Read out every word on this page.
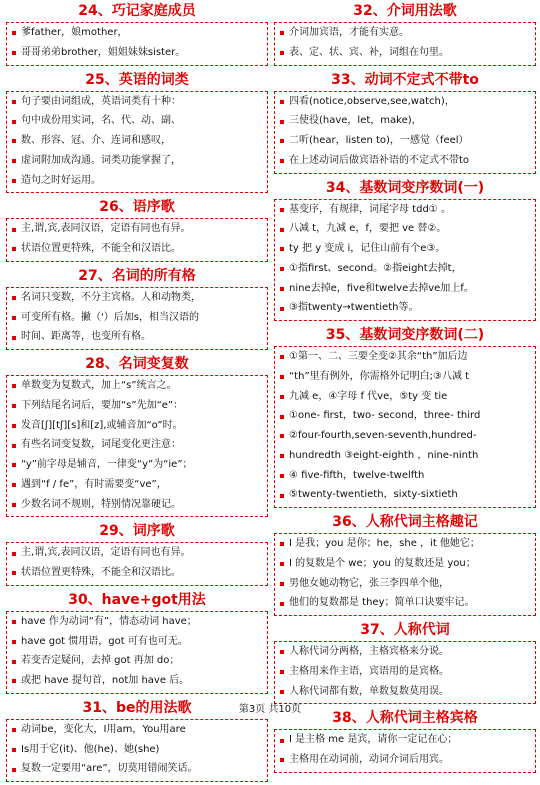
24、巧记家庭成员
爹father，娘mother，
哥哥弟弟brother，姐姐妹妹sister。
25、英语的词类
句子要由词组成，英语词类有十种：
句中成份用实词，名、代、动、副、
数、形容、冠、介、连词和感叹，
虚词附加成沟通。词类功能掌握了，
造句之时好运用。
26、语序歌
主,谓,宾,表同汉语，定语有同也有异。
状语位置更特殊，不能全和汉语比。
27、名词的所有格
名词只变数，不分主宾格。人和动物类，
可变所有格。撇（'）后加s，相当汉语的
时间、距离等，也变所有格。
28、名词变复数
单数变为复数式，加上“s”统言之。
下列结尾名词后，要加“s”先加“e”：
发音[ʃ][tʃ][s]和[z],或辅音加“o”时。
有些名词变复数，词尾变化更注意：
“y”前字母是辅音，一律变“y”为“ie”；
遇到“f / fe”，有时需要变“ve”，
少数名词不规则，特别情况靠硬记。
29、词序歌
主,谓,宾,表同汉语，定语有同也有异。
状语位置更特殊，不能全和汉语比。
30、have+got用法
have 作为动词“有”，情态动词 have；
have got 惯用语，got 可有也可无。
若变否定疑问，去掉 got 再加 do；
或把 have 提句首，not加 have 后。
31、be的用法歌
动词be，变化大，I用am，You用are
Is用于它(it)、他(he)、她(she)
复数一定要用“are”，切莫用错闹笑话。
32、介词用法歌
介词加宾语，才能有实意。
表、定、状、宾、补，词组在句里。
33、动词不定式不带to
四看(notice,observe,see,watch)，
三使役(have，let，make)，
二听(hear，listen to)，一感觉（feel）
在上述动词后做宾语补语的不定式不带to
34、基数词变序数词(一)
基变序，有规律，词尾字母 tdd① 。
八减 t，九减 e，f，要把 ve 替②。
ty 把 y 变成 i，记住山前有个e③。
①指first、second。②指eight去掉t，
nine去掉e，five和twelve去掉ve加上f。
③指twenty→twentieth等。
35、基数词变序数词(二)
①第一、二、三要全变②其余“th”加后边
“th”里有例外，你需格外记明白;③八减 t
九减 e，④字母 f 代ve，⑤ty 变 tie
①one- first，two- second，three- third
②four-fourth,seven-seventh,hundred-
hundredth ③eight-eighth ，nine-ninth
④ five-fifth，twelve-twelfth
⑤twenty-twentieth，sixty-sixtieth
36、人称代词主格趣记
I 是我；you 是你；he，she ，it 他她它；
I 的复数是个 we；you 的复数还是 you；
男他女她动物它，张三李四单个他，
他们的复数都是 they；简单口诀要牢记。
37、人称代词
人称代词分两格，主格宾格来分说。
主格用来作主语，宾语用的是宾格。
人称代词都有数，单数复数莫用误。
38、人称代词主格宾格
I 是主格 me 是宾，请你一定记在心；
主格用在动词前，动词介词后用宾。
第3页 共10页
